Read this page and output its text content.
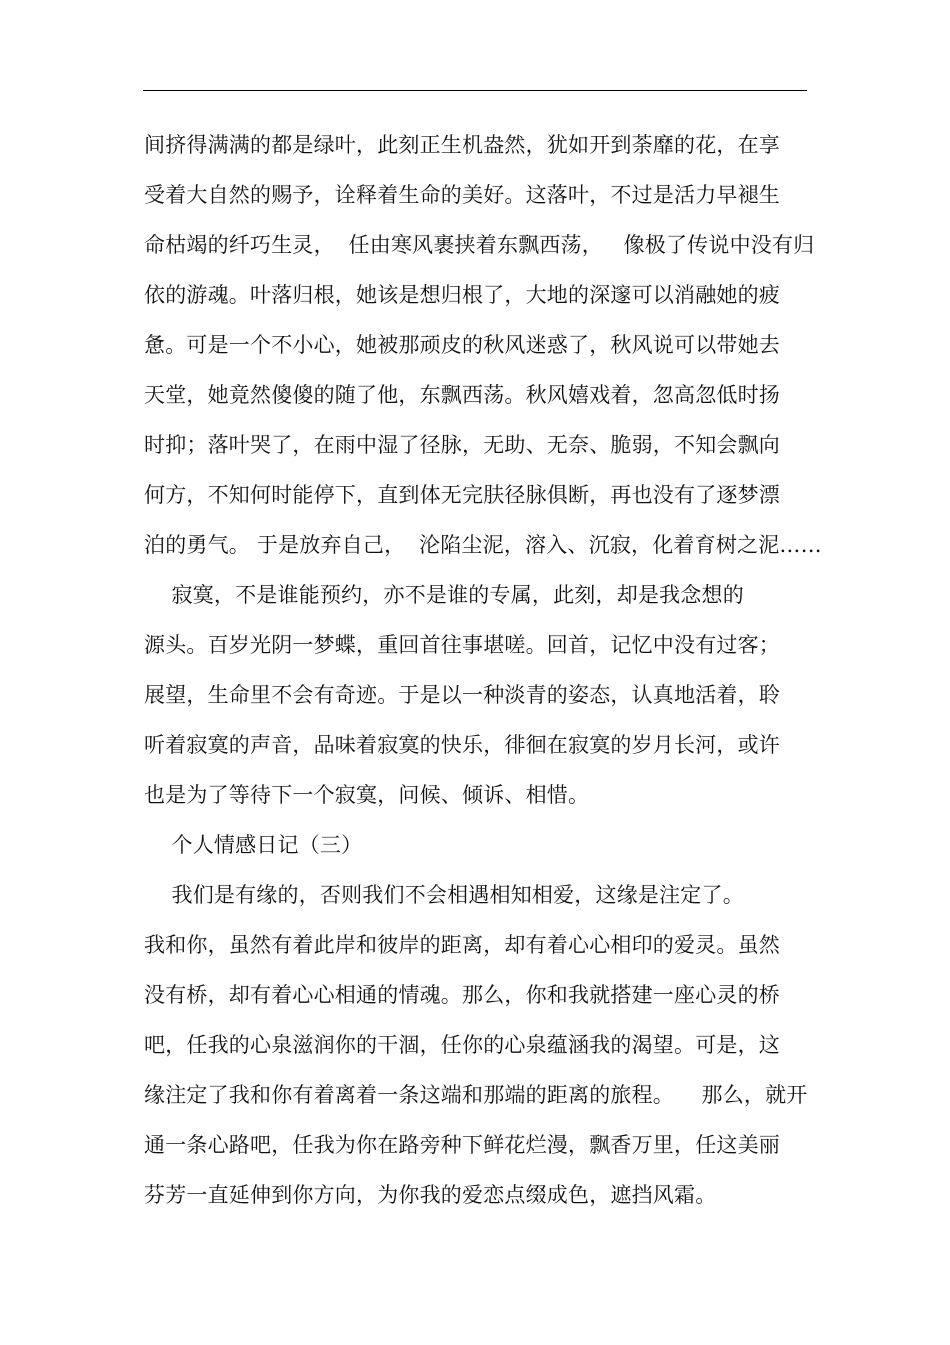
间挤得满满的都是绿叶，此刻正生机盎然，犹如开到荼靡的花，在享
受着大自然的赐予，诠释着生命的美好。这落叶，不过是活力早褪生
命枯竭的纤巧生灵，  任由寒风裹挟着东飘西荡，   像极了传说中没有归
依的游魂。叶落归根，她该是想归根了，大地的深邃可以消融她的疲
惫。可是一个不小心，她被那顽皮的秋风迷惑了，秋风说可以带她去
天堂，她竟然傻傻的随了他，东飘西荡。秋风嬉戏着，忽高忽低时扬
时抑；落叶哭了，在雨中湿了径脉，无助、无奈、脆弱，不知会飘向
何方，不知何时能停下，直到体无完肤径脉俱断，再也没有了逐梦漂
泊的勇气。 于是放弃自己，  沦陷尘泥，溶入、沉寂，化着育树之泥……
寂寞，不是谁能预约，亦不是谁的专属，此刻，却是我念想的
源头。百岁光阴一梦蝶，重回首往事堪嗟。回首，记忆中没有过客；
展望，生命里不会有奇迹。于是以一种淡青的姿态，认真地活着，聆
听着寂寞的声音，品味着寂寞的快乐，徘徊在寂寞的岁月长河，或许
也是为了等待下一个寂寞，问候、倾诉、相惜。
个人情感日记（三）
我们是有缘的，否则我们不会相遇相知相爱，这缘是注定了。
我和你，虽然有着此岸和彼岸的距离，却有着心心相印的爱灵。虽然
没有桥，却有着心心相通的情魂。那么，你和我就搭建一座心灵的桥
吧，任我的心泉滋润你的干涸，任你的心泉蕴涵我的渴望。可是，这
缘注定了我和你有着离着一条这端和那端的距离的旅程。    那么，就开
通一条心路吧，任我为你在路旁种下鲜花烂漫，飘香万里，任这美丽
芬芳一直延伸到你方向，为你我的爱恋点缀成色，遮挡风霜。
